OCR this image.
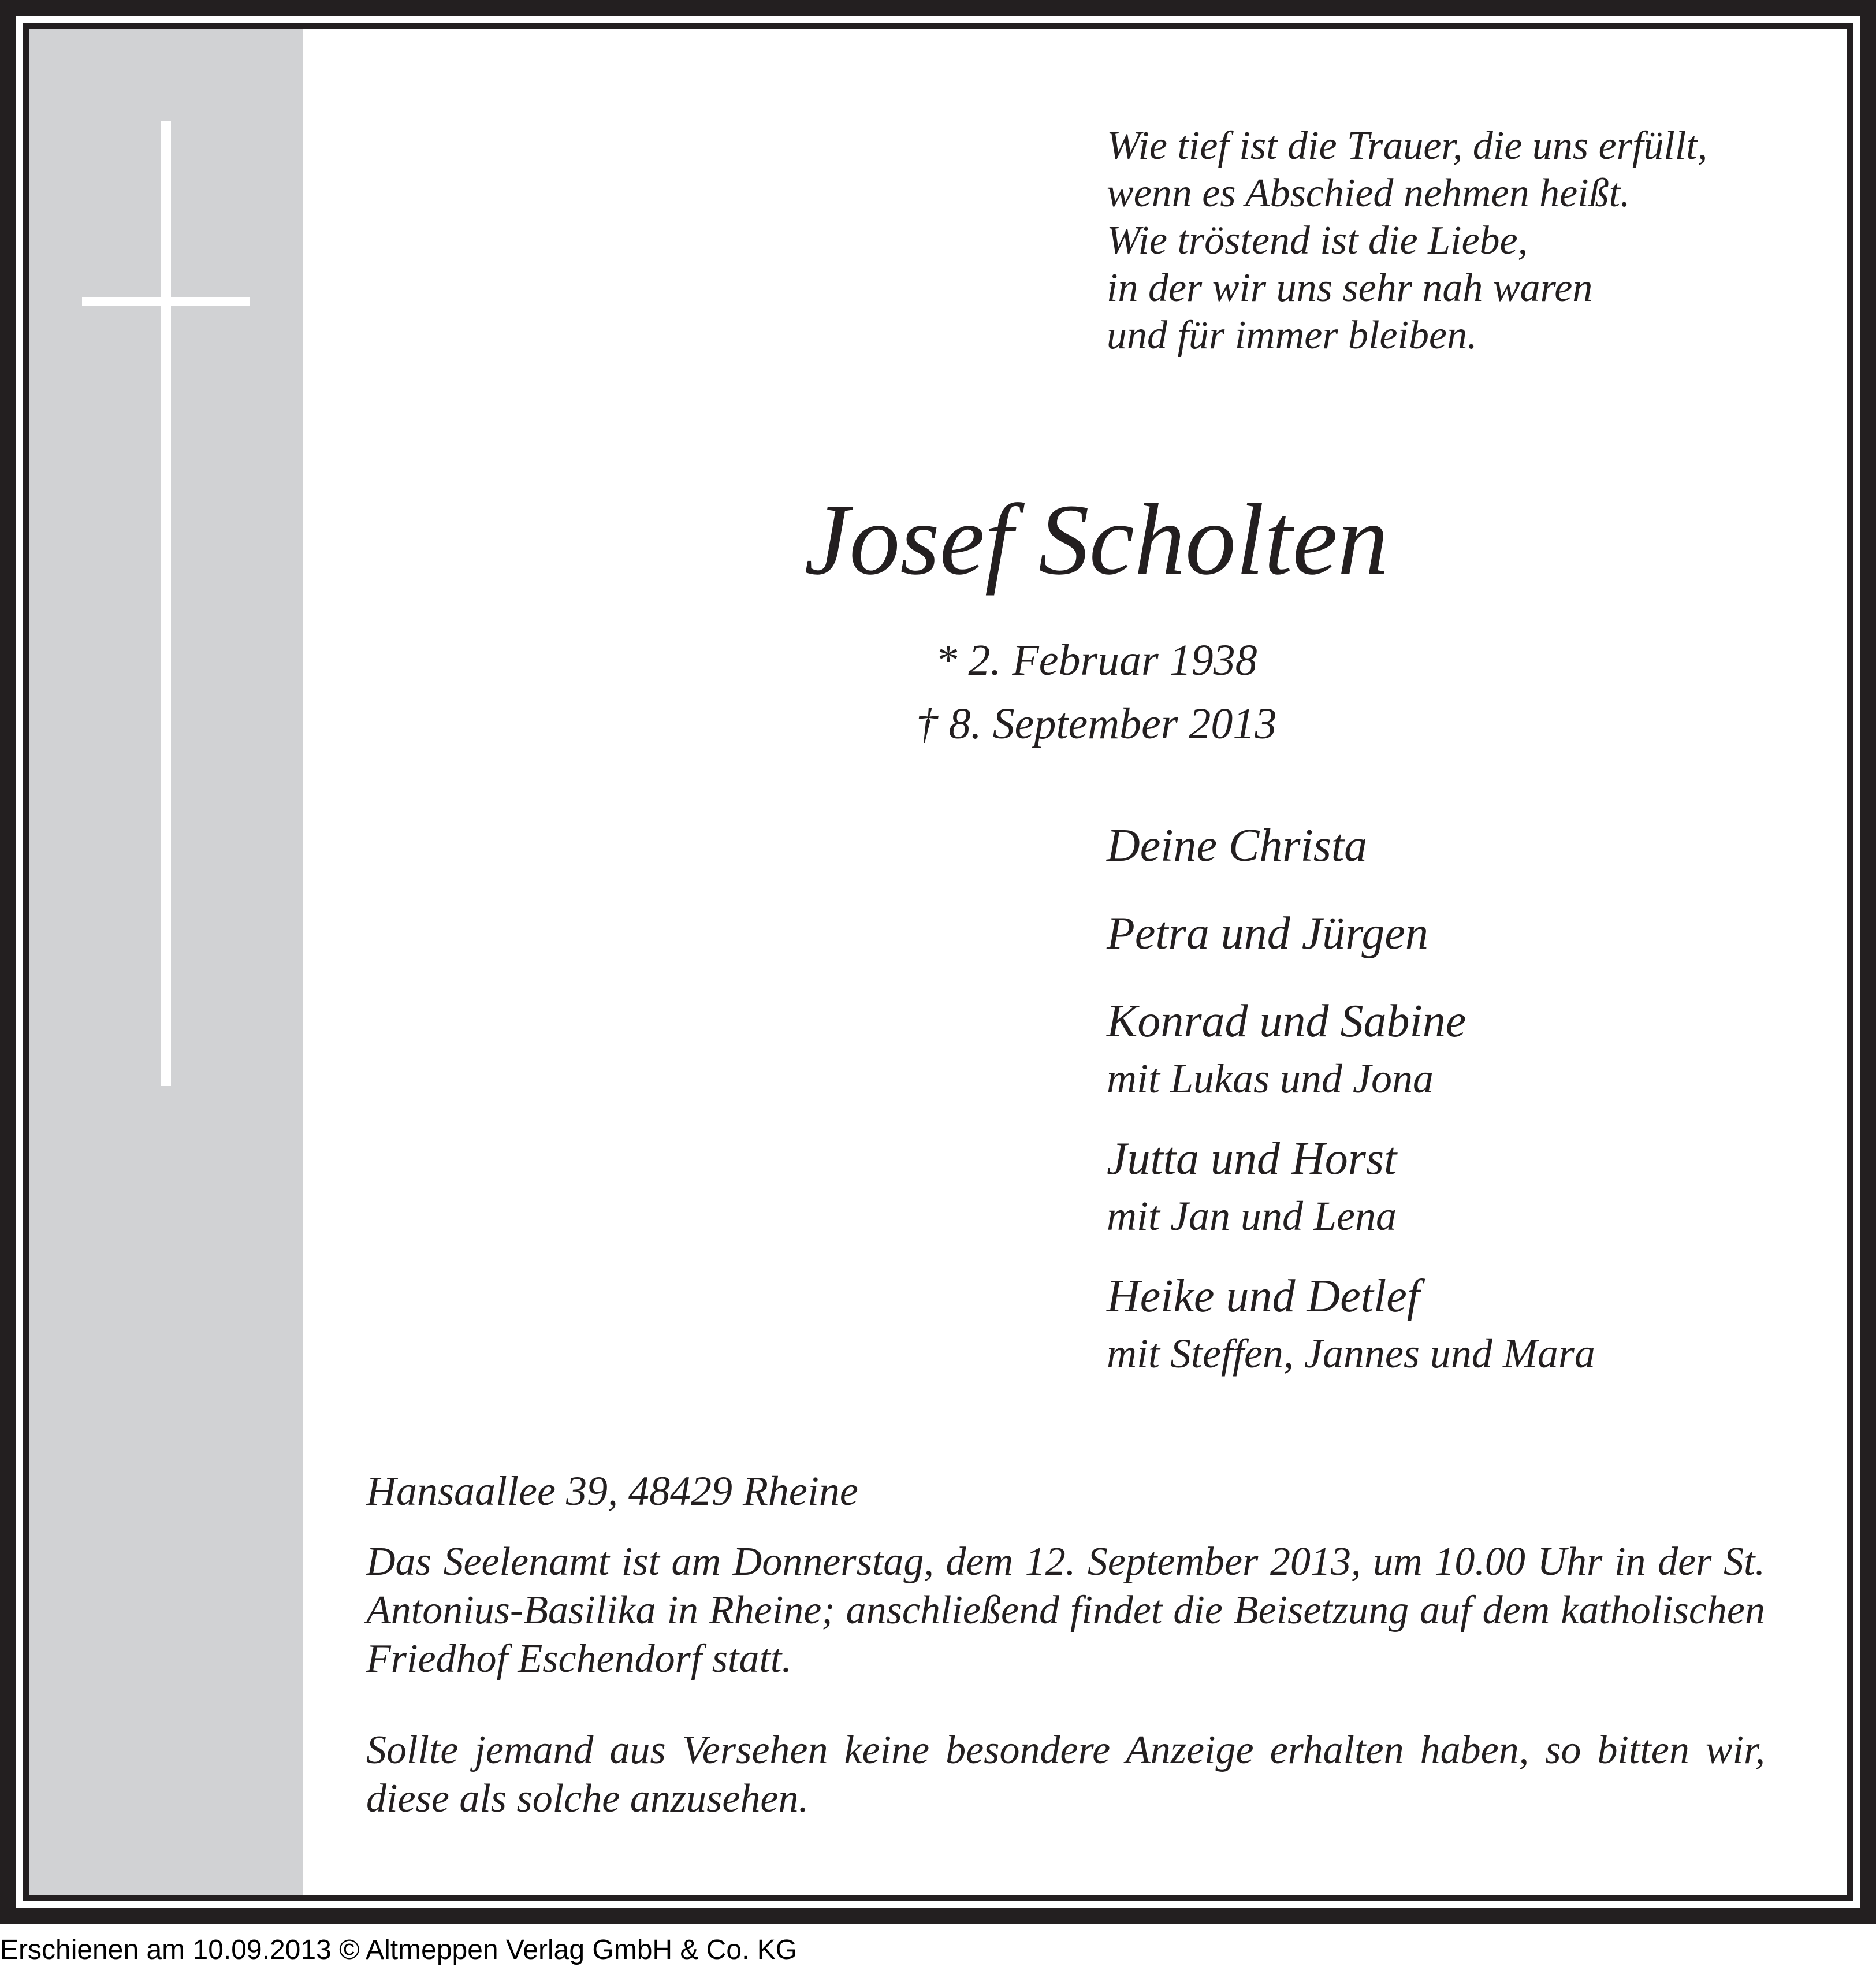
Wie tief ist die Trauer, die uns erfüllt,
wenn es Abschied nehmen heißt.
Wie tröstend ist die Liebe,
in der wir uns sehr nah waren
und für immer bleiben.
Josef Scholten
* 2. Februar 1938
† 8. September 2013
Deine Christa
Petra und Jürgen
Konrad und Sabine
mit Lukas und Jona
Jutta und Horst
mit Jan und Lena
Heike und Detlef
mit Steffen, Jannes und Mara
Hansaallee 39, 48429 Rheine
Das Seelenamt ist am Donnerstag, dem 12. September 2013, um 10.00 Uhr in der St. Antonius-Basilika in Rheine; anschließend findet die Beisetzung auf dem katholischen Friedhof Eschendorf statt.
Sollte jemand aus Versehen keine besondere Anzeige erhalten haben, so bitten wir, diese als solche anzusehen.
Erschienen am 10.09.2013 © Altmeppen Verlag GmbH & Co. KG
